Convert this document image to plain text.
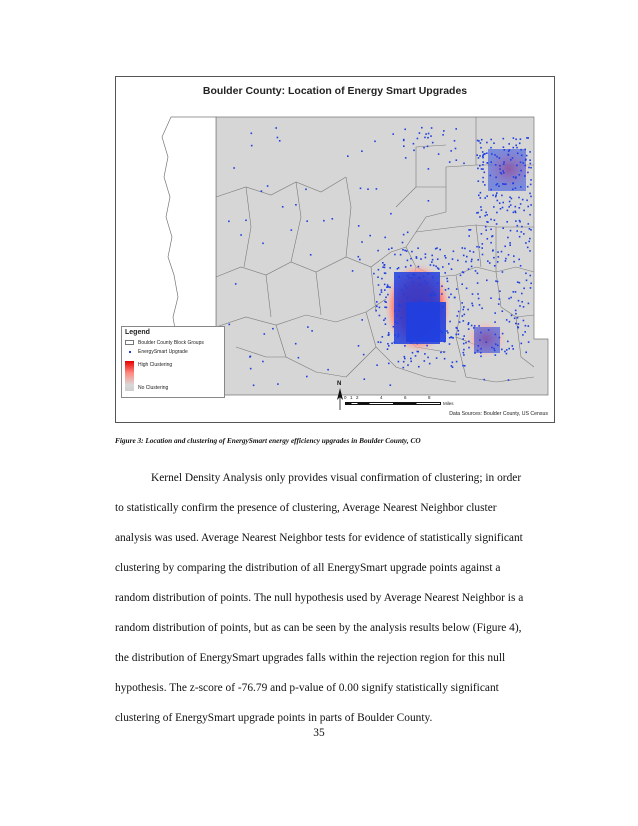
Boulder County: Location of Energy Smart Upgrades
Legend
Boulder County Block Groups
EnergySmart Upgrade
High Clustering
No Clustering
N
0 1 2	4	6	8
Miles
Data Sources: Boulder County, US Census
Figure 3: Location and clustering of EnergySmart energy efficiency upgrades in Boulder County, CO
Kernel Density Analysis only provides visual confirmation of clustering; in order
to statistically confirm the presence of clustering, Average Nearest Neighbor cluster
analysis was used. Average Nearest Neighbor tests for evidence of statistically significant
clustering by comparing the distribution of all EnergySmart upgrade points against a
random distribution of points. The null hypothesis used by Average Nearest Neighbor is a
random distribution of points, but as can be seen by the analysis results below (Figure 4),
the distribution of EnergySmart upgrades falls within the rejection region for this null
hypothesis. The z-score of -76.79 and p-value of 0.00 signify statistically significant
clustering of EnergySmart upgrade points in parts of Boulder County.
35
